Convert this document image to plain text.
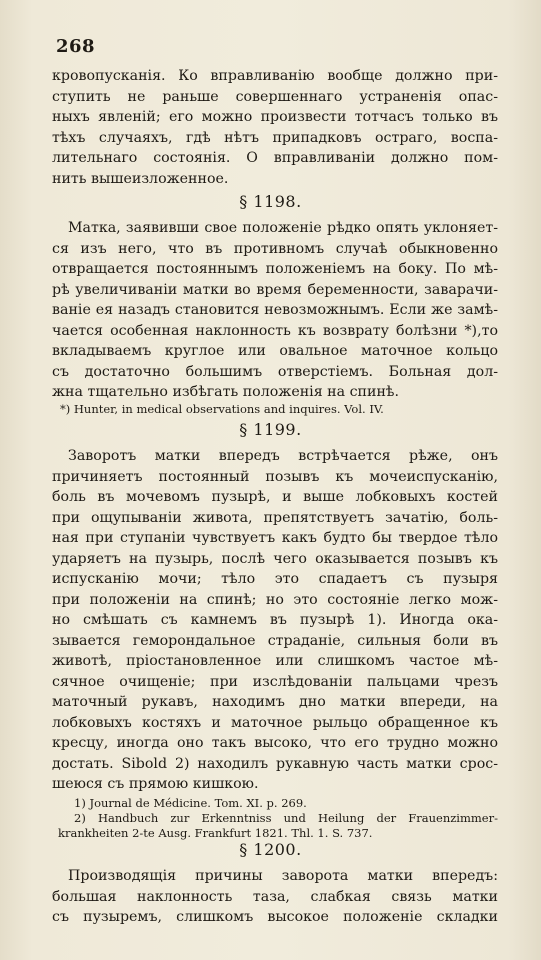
268
кровопусканія. Ко вправливанію вообще должно при-
ступить не раньше совершеннаго устраненія опас-
ныхъ явленій; его можно произвести тотчасъ только въ
тѣхъ случаяхъ, гдѣ нѣтъ припадковъ остраго, воспа-
лительнаго состоянія. О вправливаніи должно пом-
нить вышеизложенное.
§ 1198.
Матка, заявивши свое положеніе рѣдко опять уклоняет-
ся изъ него, что въ противномъ случаѣ обыкновенно
отвращается постояннымъ положеніемъ на боку. По мѣ-
рѣ увеличиваніи матки во время беременности, заварачи-
ваніе ея назадъ становится невозможнымъ. Если же замѣ-
чается особенная наклонность къ возврату болѣзни *),то
вкладываемъ круглое или овальное маточное кольцо
съ достаточно большимъ отверстіемъ. Больная дол-
жна тщательно избѣгать положенія на спинѣ.
*) Hunter, in medical observations and inquires. Vol. IV.
§ 1199.
Заворотъ матки впередъ встрѣчается рѣже, онъ
причиняетъ постоянный позывъ къ мочеиспусканію,
боль въ мочевомъ пузырѣ, и выше лобковыхъ костей
при ощупываніи живота, препятствуетъ зачатію, боль-
ная при ступаніи чувствуетъ какъ будто бы твердое тѣло
ударяетъ на пузырь, послѣ чего оказывается позывъ къ
испусканію мочи; тѣло это спадаетъ съ пузыря
при положеніи на спинѣ; но это состояніе легко мож-
но смѣшать съ камнемъ въ пузырѣ 1). Иногда ока-
зывается геморондальное страданіе, сильныя боли въ
животѣ, пріостановленное или слишкомъ частое мѣ-
сячное очищеніе; при изслѣдованіи пальцами чрезъ
маточный рукавъ, находимъ дно матки впереди, на
лобковыхъ костяхъ и маточное рыльцо обращенное къ
кресцу, иногда оно такъ высоко, что его трудно можно
достать. Sibold 2) находилъ рукавную часть матки срос-
шеюся съ прямою кишкою.
1) Journal de Médicine. Tom. XI. p. 269.
2) Handbuch zur Erkenntniss und Heilung der Frauenzimmer-
krankheiten 2-te Ausg. Frankfurt 1821. Thl. 1. S. 737.
§ 1200.
Производящія причины заворота матки впередъ:
большая наклонность таза, слабкая связь матки
съ пузыремъ, слишкомъ высокое положеніе складки
